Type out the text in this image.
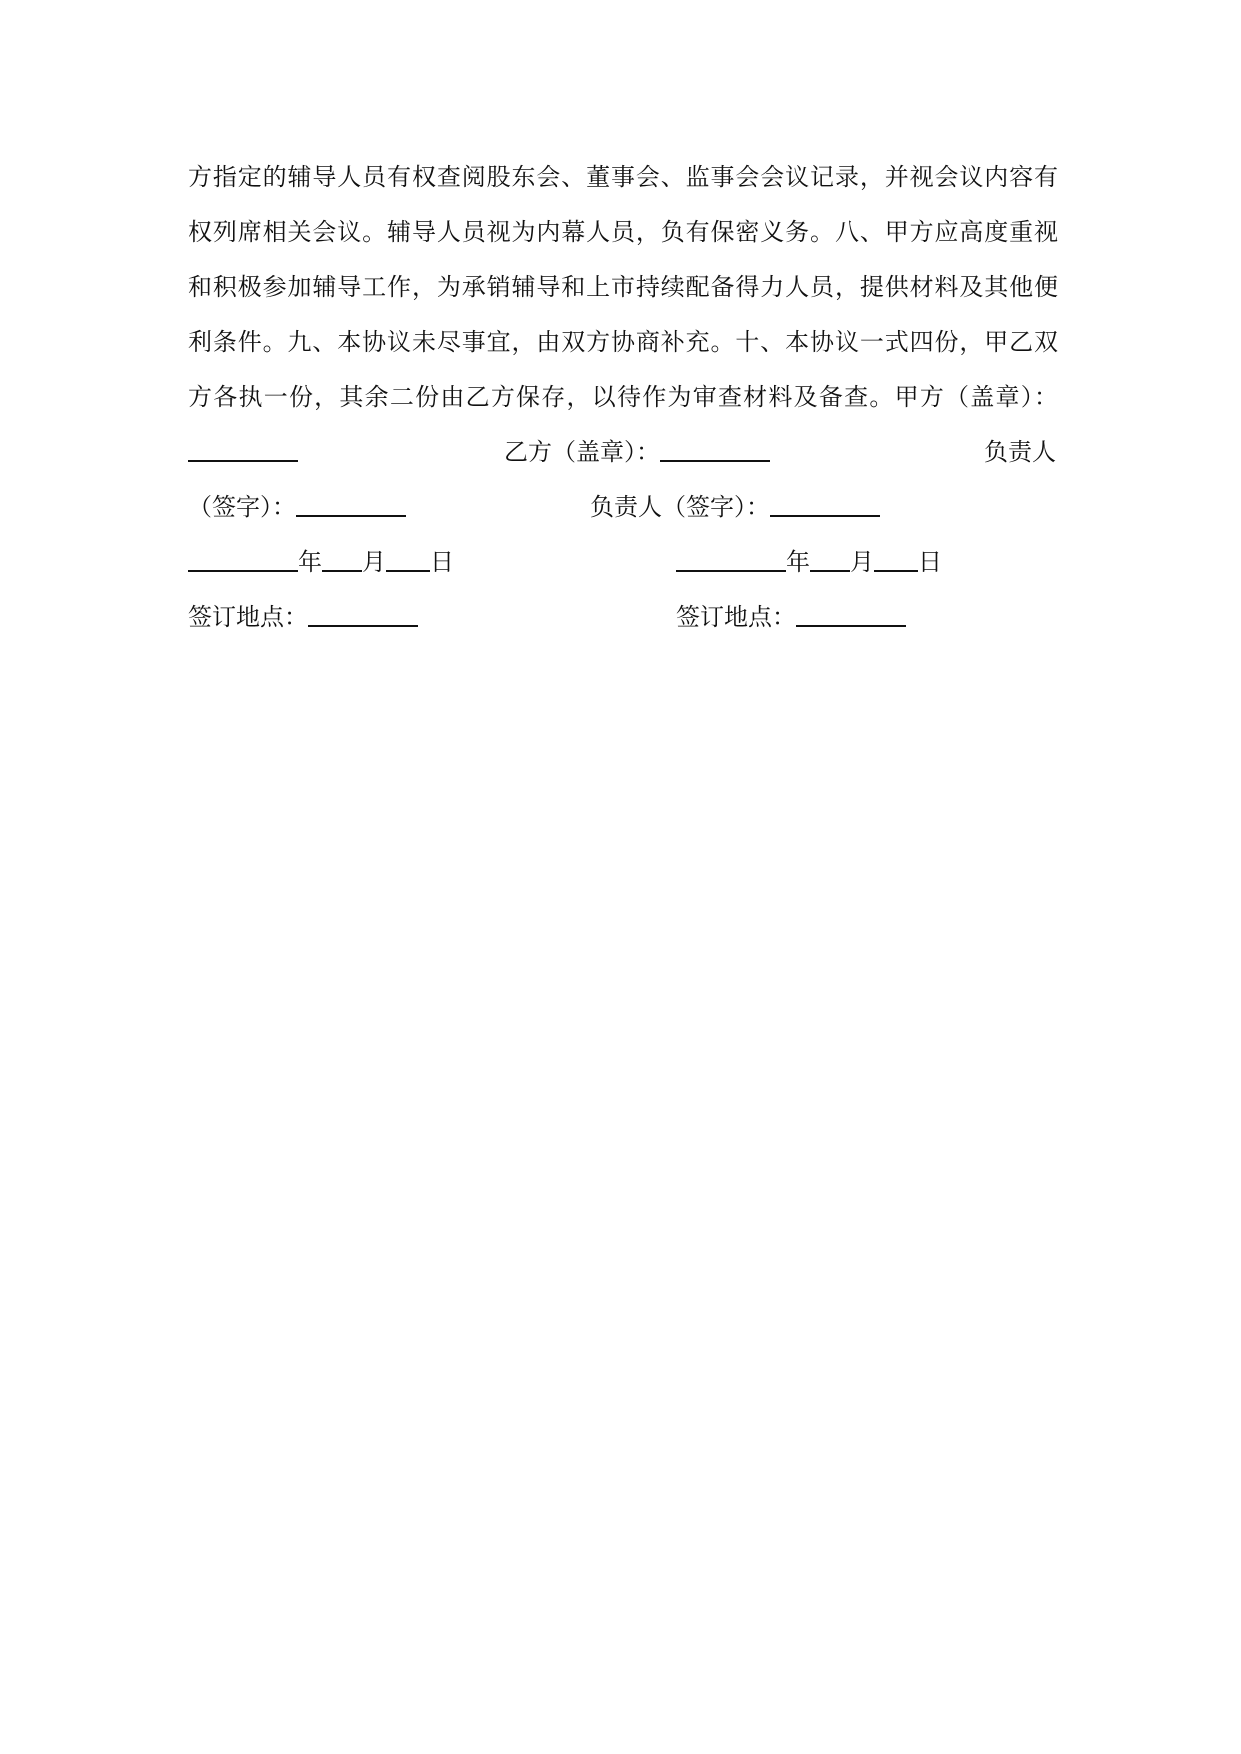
方指定的辅导人员有权查阅股东会、董事会、监事会会议记录，并视会议内容有
权列席相关会议。辅导人员视为内幕人员，负有保密义务。八、甲方应高度重视
和积极参加辅导工作，为承销辅导和上市持续配备得力人员，提供材料及其他便
利条件。九、本协议未尽事宜，由双方协商补充。十、本协议一式四份，甲乙双
方各执一份，其余二份由乙方保存，以待作为审查材料及备查。甲方（盖章）：
乙方（盖章）：	负责人
（签字）：	负责人（签字）：
年 月 日	年 月 日
签订地点：	签订地点：
